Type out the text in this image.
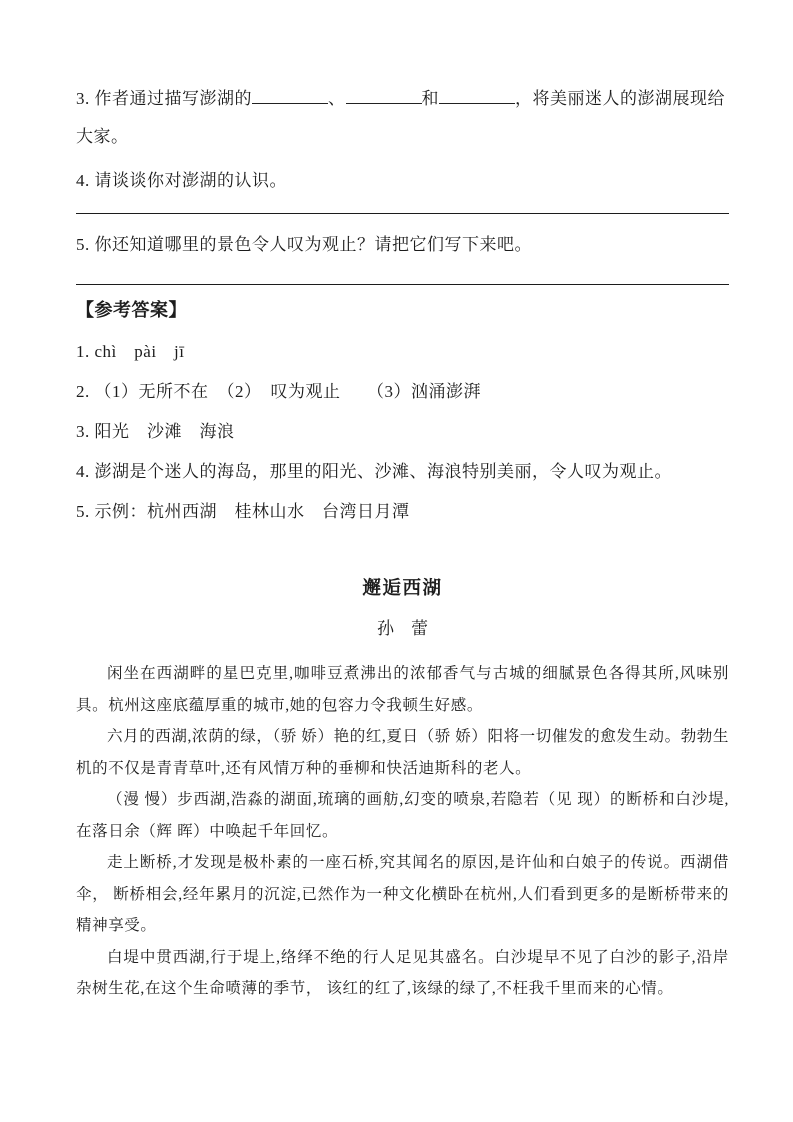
3. 作者通过描写澎湖的	、	和	，将美丽迷人的澎湖展现给大家。

4. 请谈谈你对澎湖的认识。

5. 你还知道哪里的景色令人叹为观止？请把它们写下来吧。

【参考答案】

1. chì　pài　jī

2. （1）无所不在　（2）　叹为观止　　（3）汹涌澎湃

3. 阳光　沙滩　海浪

4. 澎湖是个迷人的海岛，那里的阳光、沙滩、海浪特别美丽，令人叹为观止。

5. 示例：杭州西湖　桂林山水　台湾日月潭

邂逅西湖

孙　蕾

闲坐在西湖畔的星巴克里,咖啡豆煮沸出的浓郁香气与古城的细腻景色各得其所,风味别具。杭州这座底蕴厚重的城市,她的包容力令我顿生好感。

六月的西湖,浓荫的绿，（骄 娇）艳的红,夏日（骄 娇）阳将一切催发的愈发生动。勃勃生机的不仅是青青草叶,还有风情万种的垂柳和快活迪斯科的老人。

（漫 慢）步西湖,浩淼的湖面,琉璃的画舫,幻变的喷泉,若隐若（见 现）的断桥和白沙堤,在落日余（辉 晖）中唤起千年回忆。

走上断桥,才发现是极朴素的一座石桥,究其闻名的原因,是许仙和白娘子的传说。西湖借伞， 断桥相会,经年累月的沉淀,已然作为一种文化横卧在杭州,人们看到更多的是断桥带来的精神享受。

白堤中贯西湖,行于堤上,络绎不绝的行人足见其盛名。白沙堤早不见了白沙的影子,沿岸杂树生花,在这个生命喷薄的季节， 该红的红了,该绿的绿了,不枉我千里而来的心情。
